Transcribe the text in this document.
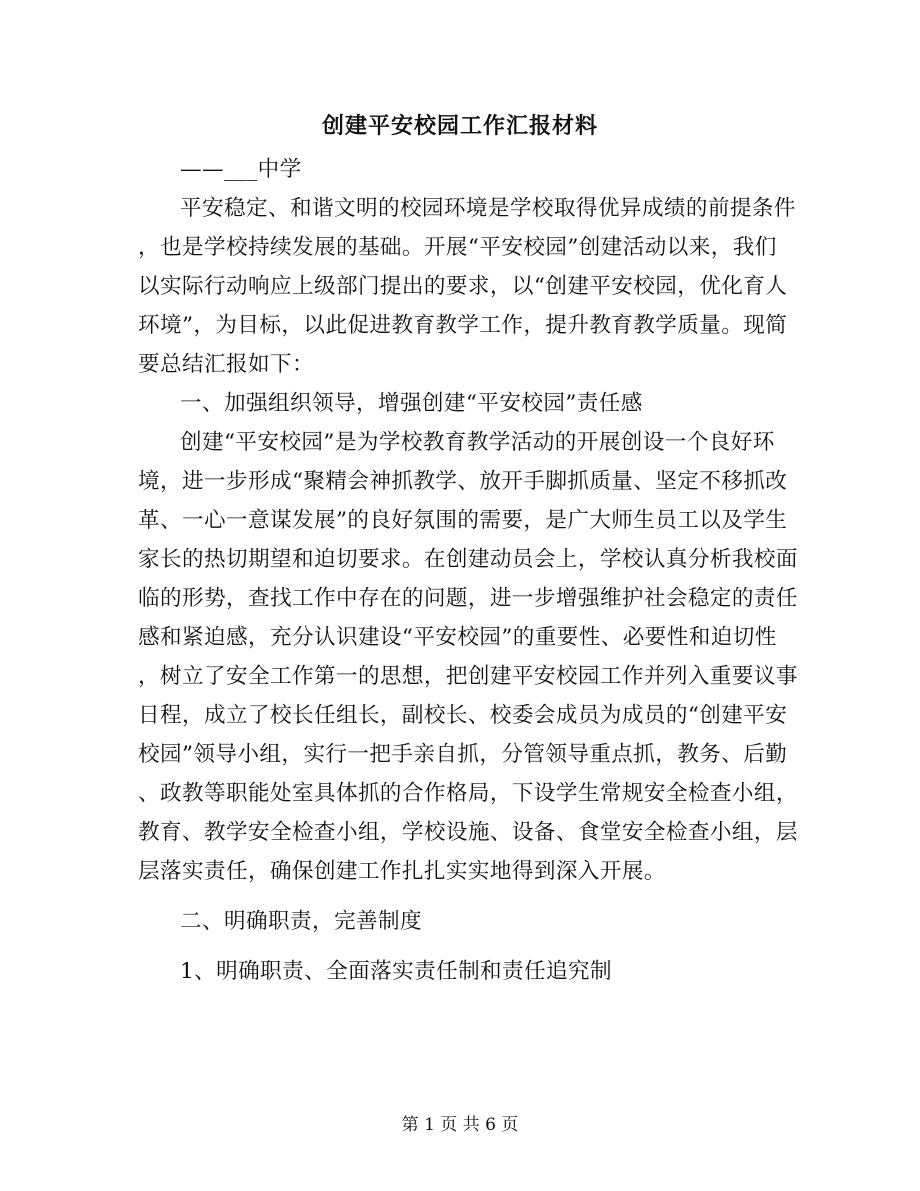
创建平安校园工作汇报材料
——___中学
平安稳定、和谐文明的校园环境是学校取得优异成绩的前提条件
，也是学校持续发展的基础。开展“平安校园”创建活动以来，我们
以实际行动响应上级部门提出的要求，以“创建平安校园，优化育人
环境”，为目标，以此促进教育教学工作，提升教育教学质量。现简
要总结汇报如下：
一、加强组织领导，增强创建“平安校园”责任感
创建“平安校园”是为学校教育教学活动的开展创设一个良好环
境，进一步形成“聚精会神抓教学、放开手脚抓质量、坚定不移抓改
革、一心一意谋发展”的良好氛围的需要，是广大师生员工以及学生
家长的热切期望和迫切要求。在创建动员会上，学校认真分析我校面
临的形势，查找工作中存在的问题，进一步增强维护社会稳定的责任
感和紧迫感，充分认识建设“平安校园”的重要性、必要性和迫切性
，树立了安全工作第一的思想，把创建平安校园工作并列入重要议事
日程，成立了校长任组长，副校长、校委会成员为成员的“创建平安
校园”领导小组，实行一把手亲自抓，分管领导重点抓，教务、后勤
、政教等职能处室具体抓的合作格局，下设学生常规安全检查小组，
教育、教学安全检查小组，学校设施、设备、食堂安全检查小组，层
层落实责任，确保创建工作扎扎实实地得到深入开展。
二、明确职责，完善制度
1、明确职责、全面落实责任制和责任追究制
第 1 页 共 6 页
